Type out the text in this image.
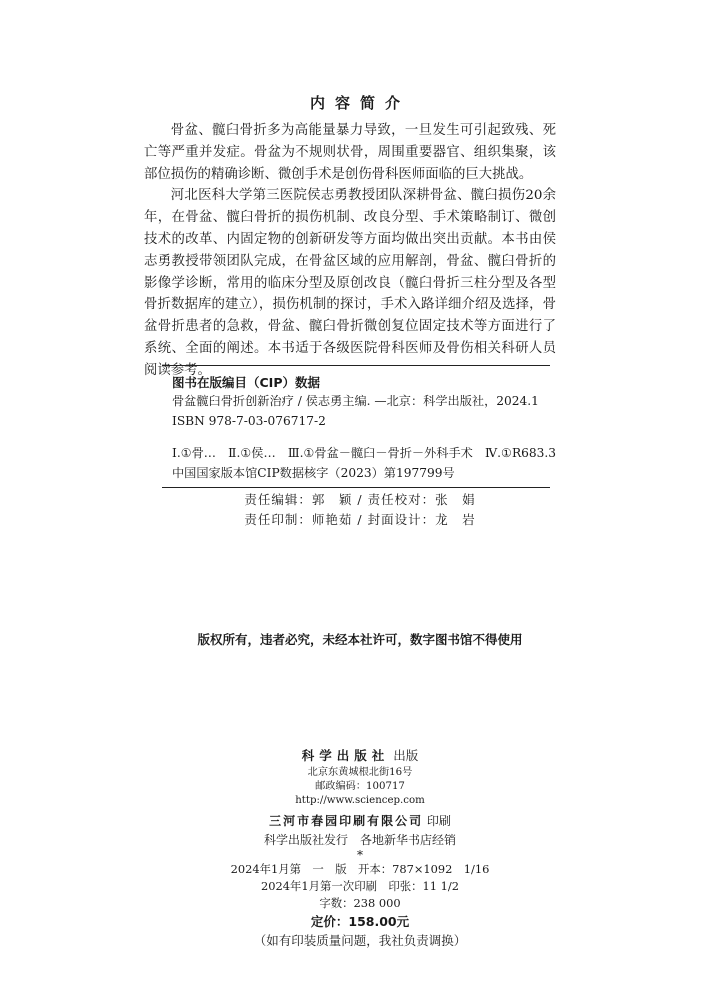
内容简介

骨盆、髋臼骨折多为高能量暴力导致，一旦发生可引起致残、死亡等严重并发症。骨盆为不规则状骨，周围重要器官、组织集聚，该部位损伤的精确诊断、微创手术是创伤骨科医师面临的巨大挑战。

河北医科大学第三医院侯志勇教授团队深耕骨盆、髋臼损伤20余年，在骨盆、髋臼骨折的损伤机制、改良分型、手术策略制订、微创技术的改革、内固定物的创新研发等方面均做出突出贡献。本书由侯志勇教授带领团队完成，在骨盆区域的应用解剖，骨盆、髋臼骨折的影像学诊断，常用的临床分型及原创改良（髋臼骨折三柱分型及各型骨折数据库的建立），损伤机制的探讨，手术入路详细介绍及选择，骨盆骨折患者的急救，骨盆、髋臼骨折微创复位固定技术等方面进行了系统、全面的阐述。本书适于各级医院骨科医师及骨伤相关科研人员阅读参考。

图书在版编目（CIP）数据
骨盆髋臼骨折创新治疗 / 侯志勇主编. —北京：科学出版社，2024.1
ISBN 978-7-03-076717-2
Ⅰ.①骨…　Ⅱ.①侯…　Ⅲ.①骨盆－髋臼－骨折－外科手术　Ⅳ.①R683.3
中国国家版本馆CIP数据核字（2023）第197799号
责任编辑：郭　颖 / 责任校对：张　娟
责任印制：师艳茹 / 封面设计：龙　岩
版权所有，违者必究，未经本社许可，数字图书馆不得使用
科学出版社 出版
北京东黄城根北街16号
邮政编码：100717
http://www.sciencep.com
三河市春园印刷有限公司 印刷
科学出版社发行　各地新华书店经销
*
2024年1月第　一　版　开本：787×1092　1/16
2024年1月第一次印刷　印张：11 1/2
字数：238 000
定价：158.00元
（如有印装质量问题，我社负责调换）
